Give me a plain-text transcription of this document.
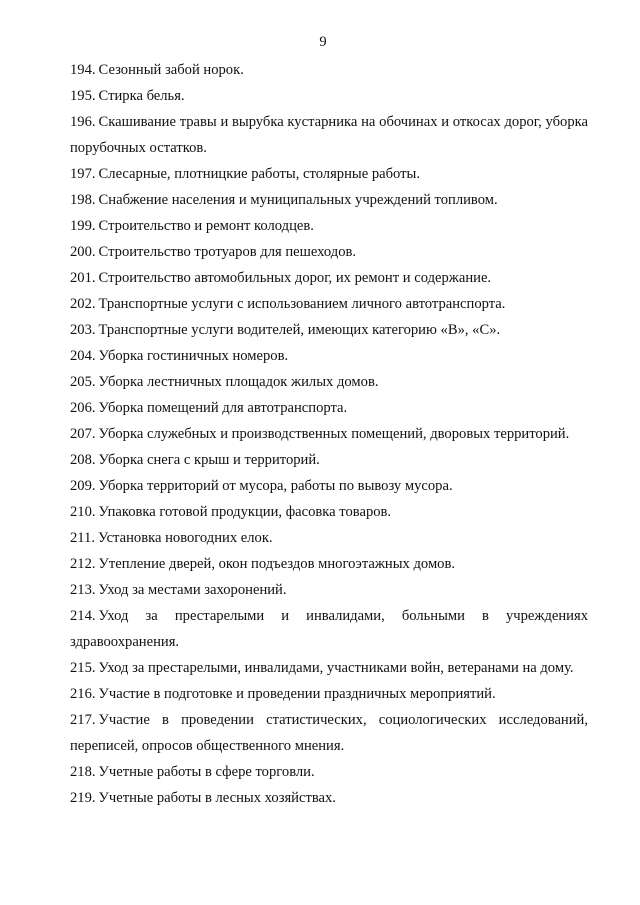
9

194. Сезонный забой норок.

195. Стирка белья.

196. Скашивание травы и вырубка кустарника на обочинах и откосах дорог, уборка порубочных остатков.

197. Слесарные, плотницкие работы, столярные работы.

198. Снабжение населения и муниципальных учреждений топливом.

199. Строительство и ремонт колодцев.

200. Строительство тротуаров для пешеходов.

201. Строительство автомобильных дорог, их ремонт и содержание.

202. Транспортные услуги с использованием личного автотранспорта.

203. Транспортные услуги водителей, имеющих категорию «В», «С».

204. Уборка гостиничных номеров.

205. Уборка лестничных площадок жилых домов.

206. Уборка помещений для автотранспорта.

207. Уборка служебных и производственных помещений, дворовых территорий.

208. Уборка снега с крыш и территорий.

209. Уборка территорий от мусора, работы по вывозу мусора.

210. Упаковка готовой продукции, фасовка товаров.

211. Установка новогодних елок.

212. Утепление дверей, окон подъездов многоэтажных домов.

213. Уход за местами захоронений.

214. Уход за престарелыми и инвалидами, больными в учреждениях здравоохранения.

215. Уход за престарелыми, инвалидами, участниками войн, ветеранами на дому.

216. Участие в подготовке и проведении праздничных мероприятий.

217. Участие в проведении статистических, социологических исследований, переписей, опросов общественного мнения.

218. Учетные работы в сфере торговли.

219. Учетные работы в лесных хозяйствах.
